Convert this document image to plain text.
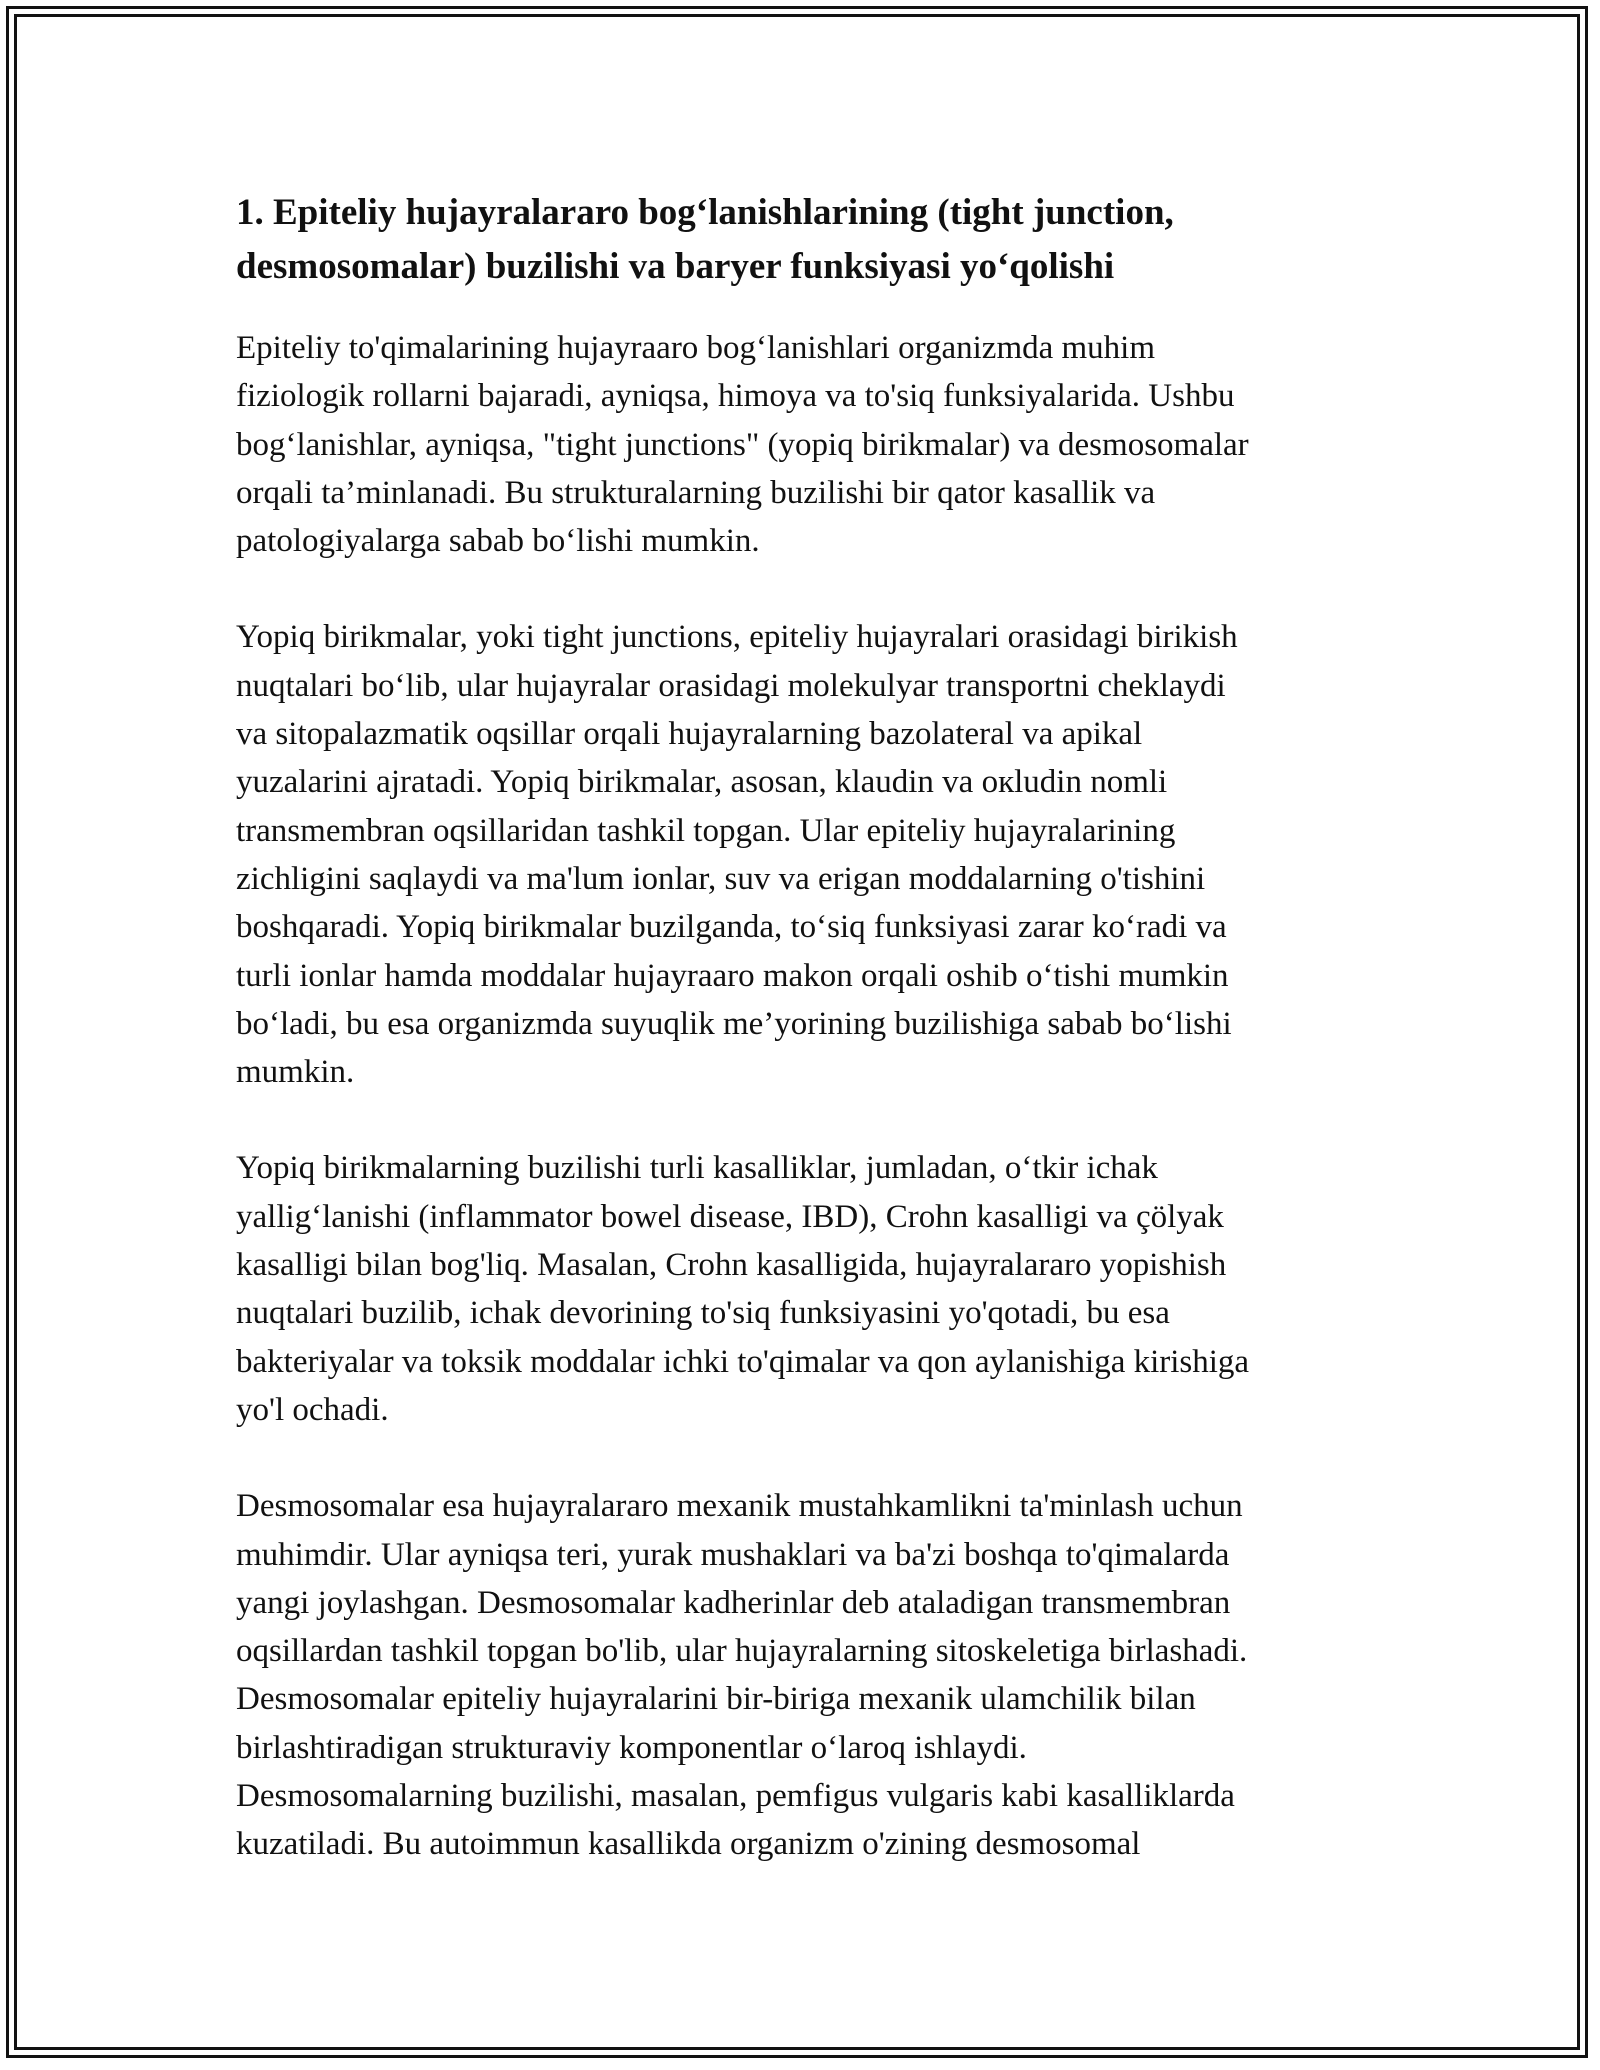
1. Epiteliy hujayralararo bog‘lanishlarining (tight junction,
desmosomalar) buzilishi va baryer funksiyasi yo‘qolishi

Epiteliy to'qimalarining hujayraaro bog‘lanishlari organizmda muhim
fiziologik rollarni bajaradi, ayniqsa, himoya va to'siq funksiyalarida. Ushbu
bog‘lanishlar, ayniqsa, "tight junctions" (yopiq birikmalar) va desmosomalar
orqali ta’minlanadi. Bu strukturalarning buzilishi bir qator kasallik va
patologiyalarga sabab bo‘lishi mumkin.

Yopiq birikmalar, yoki tight junctions, epiteliy hujayralari orasidagi birikish
nuqtalari bo‘lib, ular hujayralar orasidagi molekulyar transportni cheklaydi
va sitopalazmatik oqsillar orqali hujayralarning bazolateral va apikal
yuzalarini ajratadi. Yopiq birikmalar, asosan, klaudin va окludin nomli
transmembran oqsillaridan tashkil topgan. Ular epiteliy hujayralarining
zichligini saqlaydi va ma'lum ionlar, suv va erigan moddalarning o'tishini
boshqaradi. Yopiq birikmalar buzilganda, to‘siq funksiyasi zarar ko‘radi va
turli ionlar hamda moddalar hujayraaro makon orqali oshib o‘tishi mumkin
bo‘ladi, bu esa organizmda suyuqlik me’yorining buzilishiga sabab bo‘lishi
mumkin.

Yopiq birikmalarning buzilishi turli kasalliklar, jumladan, o‘tkir ichak
yallig‘lanishi (inflammator bowel disease, IBD), Crohn kasalligi va çölyak
kasalligi bilan bog'liq. Masalan, Crohn kasalligida, hujayralararo yopishish
nuqtalari buzilib, ichak devorining to'siq funksiyasini yo'qotadi, bu esa
bakteriyalar va toksik moddalar ichki to'qimalar va qon aylanishiga kirishiga
yo'l ochadi.

Desmosomalar esa hujayralararo mexanik mustahkamlikni ta'minlash uchun
muhimdir. Ular ayniqsa teri, yurak mushaklari va ba'zi boshqa to'qimalarda
yangi joylashgan. Desmosomalar kadherinlar deb ataladigan transmembran
oqsillardan tashkil topgan bo'lib, ular hujayralarning sitoskeletiga birlashadi.
Desmosomalar epiteliy hujayralarini bir-biriga mexanik ulamchilik bilan
birlashtiradigan strukturaviy komponentlar o‘laroq ishlaydi.
Desmosomalarning buzilishi, masalan, pemfigus vulgaris kabi kasalliklarda
kuzatiladi. Bu autoimmun kasallikda organizm o'zining desmosomal
